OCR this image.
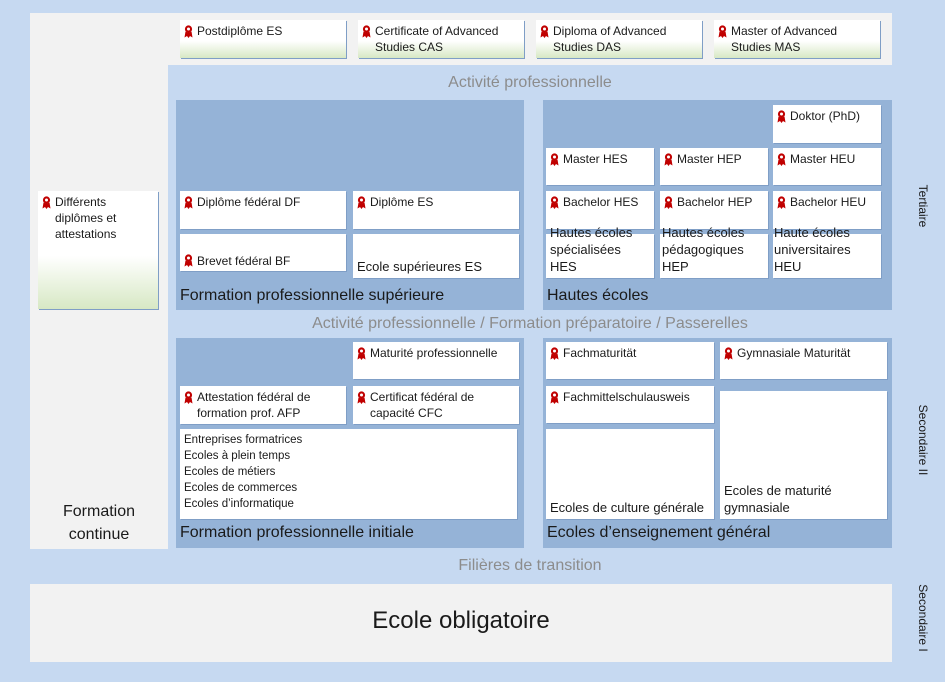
Postdiplôme ES	Certificate of Advanced Studies CAS
Diploma of Advanced Studies DAS
Master of Advanced Studies MAS
Activité professionnelle
Différents diplômes et attestations
Formation continue
Diplôme fédéral DF	Diplôme ES
Brevet fédéral BF	Ecole supérieures ES
Formation professionnelle supérieure
Doktor (PhD)
Master HES	Master HEP	Master HEU
Bachelor HES	Bachelor HEP	Bachelor HEU
Hautes écoles spécialisées HES
Hautes écoles pédagogiques HEP
Haute écoles universitaires HEU
Hautes écoles
Activité professionnelle / Formation préparatoire / Passerelles
Maturité professionnelle
Attestation fédéral de formation prof. AFP
Certificat fédéral de capacité CFC
Entreprises formatrices
Ecoles à plein temps
Ecoles de métiers
Ecoles de commerces
Ecoles d’informatique
Formation professionnelle initiale
Fachmaturität	Gymnasiale Maturität
Fachmittelschulausweis
Ecoles de culture générale
Ecoles de maturité gymnasiale
Ecoles d’enseignement général
Filières de transition
Ecole obligatoire
Tertiaire
Secondaire II
Secondaire I
